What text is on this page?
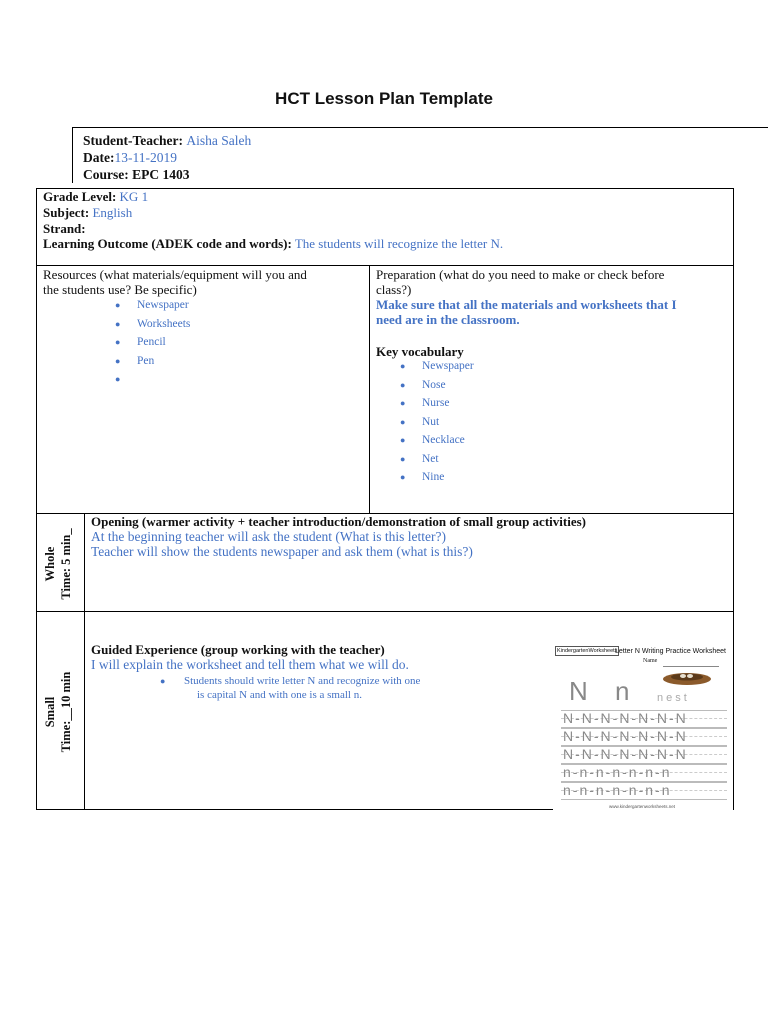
HCT Lesson Plan Template
Student-Teacher: Aisha Saleh
Date:13-11-2019
Course: EPC 1403
Grade Level: KG 1
Subject: English
Strand:
Learning Outcome (ADEK code and words): The students will recognize the letter N.
Resources (what materials/equipment will you and
the students use? Be specific)
● Newspaper
● Worksheets
● Pencil
● Pen
●
Preparation (what do you need to make or check before
class?)
Make sure that all the materials and worksheets that I
need are in the classroom.
Key vocabulary
● Newspaper
● Nose
● Nurse
● Nut
● Necklace
● Net
● Nine
Whole Time: 5 min_
Opening (warmer activity + teacher introduction/demonstration of small group activities)
At the beginning teacher will ask the student (What is this letter?)
Teacher will show the students newspaper and ask them (what is this?)
Small Time:__10 min
Guided Experience (group working with the teacher)
I will explain the worksheet and tell them what we will do.
● Students should write letter N and recognize with one
is capital N and with one is a small n.
KindergartenWorksheets
Letter N Writing Practice Worksheet
Name
N n nest
N-N-N-N-N-N-N
N-N-N-N-N-N-N
N-N-N-N-N-N-N
n-n-n-n-n-n-n
n-n-n-n-n-n-n
www.kindergartenworksheets.net
